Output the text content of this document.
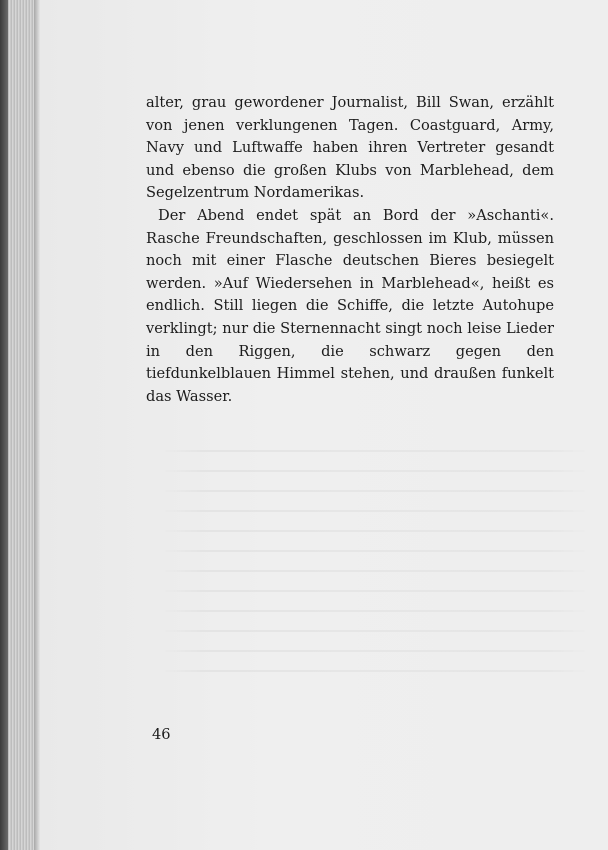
alter, grau gewordener Journalist, Bill Swan, erzählt von jenen verklungenen Tagen. Coastguard, Army, Navy und Luftwaffe haben ihren Vertreter gesandt und ebenso die großen Klubs von Marblehead, dem Segelzentrum Nordamerikas.

Der Abend endet spät an Bord der »Aschanti«. Rasche Freundschaften, geschlossen im Klub, müssen noch mit einer Flasche deutschen Bieres besiegelt werden. »Auf Wiedersehen in Marblehead«, heißt es endlich. Still liegen die Schiffe, die letzte Autohupe verklingt; nur die Sternennacht singt noch leise Lieder in den Riggen, die schwarz gegen den tiefdunkelblauen Himmel stehen, und draußen funkelt das Wasser.

46
